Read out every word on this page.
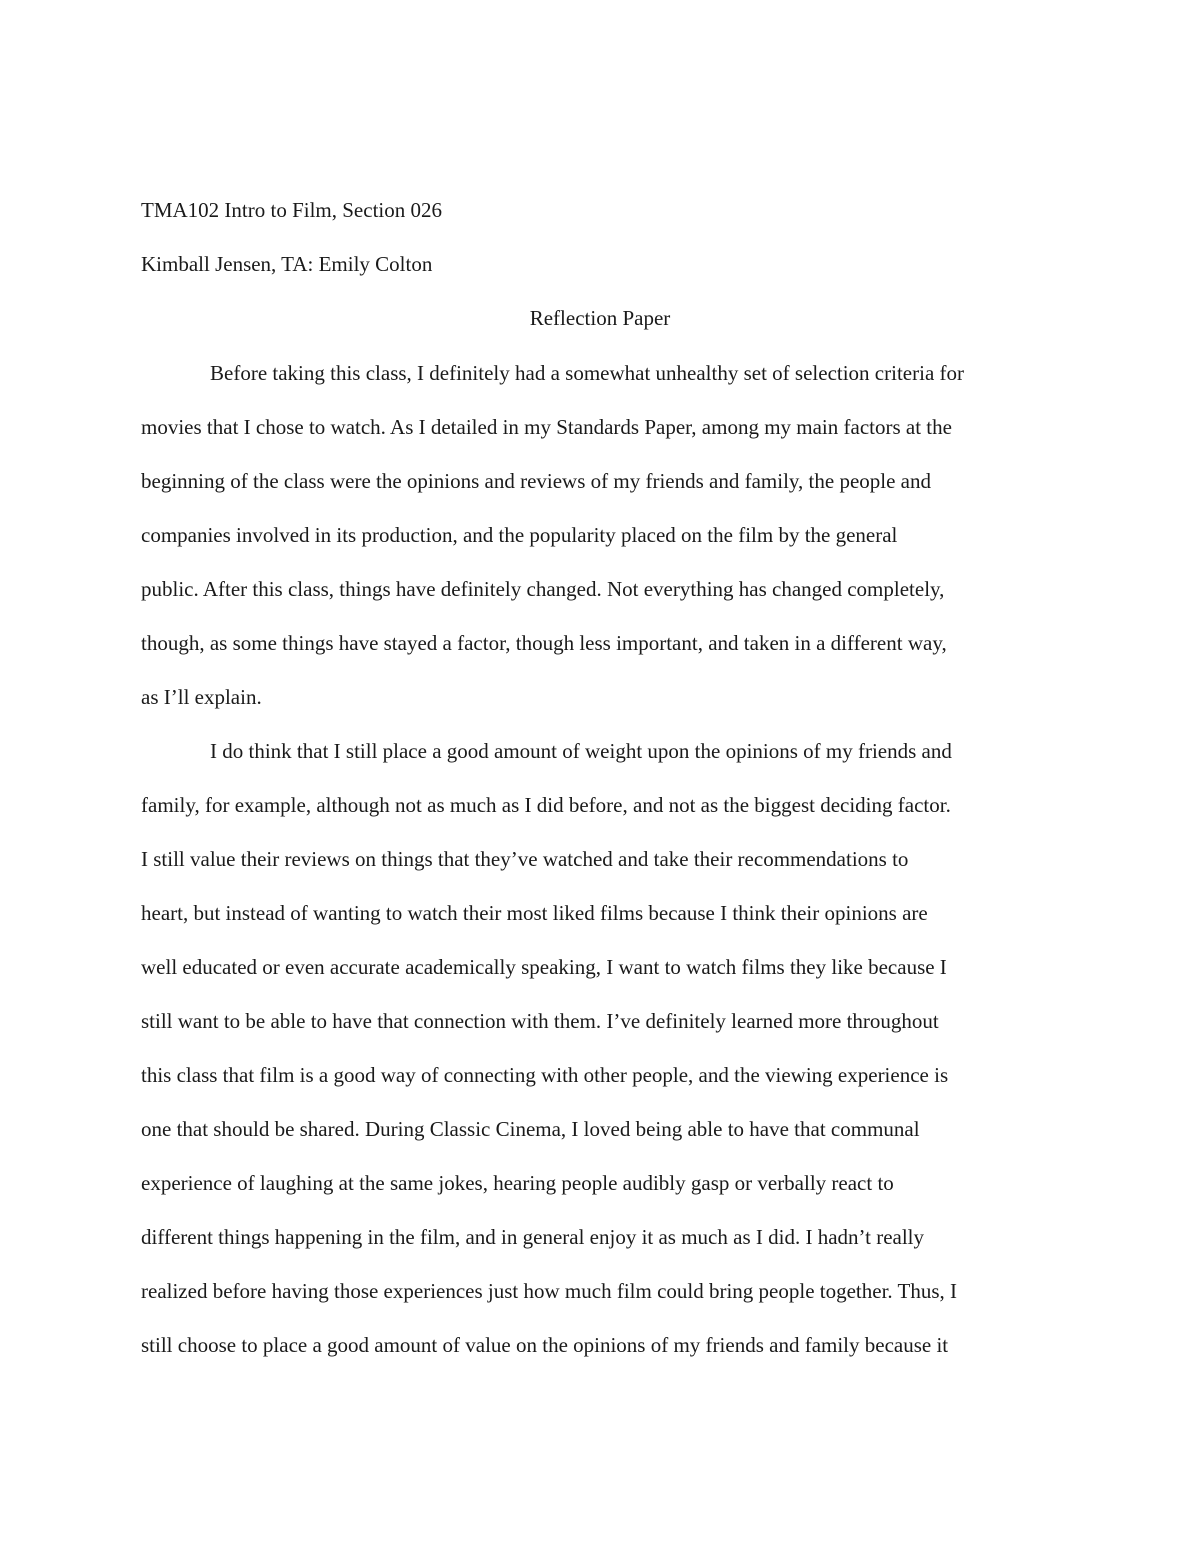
TMA102 Intro to Film, Section 026
Kimball Jensen, TA: Emily Colton
Reflection Paper
Before taking this class, I definitely had a somewhat unhealthy set of selection criteria for
movies that I chose to watch. As I detailed in my Standards Paper, among my main factors at the
beginning of the class were the opinions and reviews of my friends and family, the people and
companies involved in its production, and the popularity placed on the film by the general
public. After this class, things have definitely changed. Not everything has changed completely,
though, as some things have stayed a factor, though less important, and taken in a different way,
as I’ll explain.
I do think that I still place a good amount of weight upon the opinions of my friends and
family, for example, although not as much as I did before, and not as the biggest deciding factor.
I still value their reviews on things that they’ve watched and take their recommendations to
heart, but instead of wanting to watch their most liked films because I think their opinions are
well educated or even accurate academically speaking, I want to watch films they like because I
still want to be able to have that connection with them. I’ve definitely learned more throughout
this class that film is a good way of connecting with other people, and the viewing experience is
one that should be shared. During Classic Cinema, I loved being able to have that communal
experience of laughing at the same jokes, hearing people audibly gasp or verbally react to
different things happening in the film, and in general enjoy it as much as I did. I hadn’t really
realized before having those experiences just how much film could bring people together. Thus, I
still choose to place a good amount of value on the opinions of my friends and family because it
